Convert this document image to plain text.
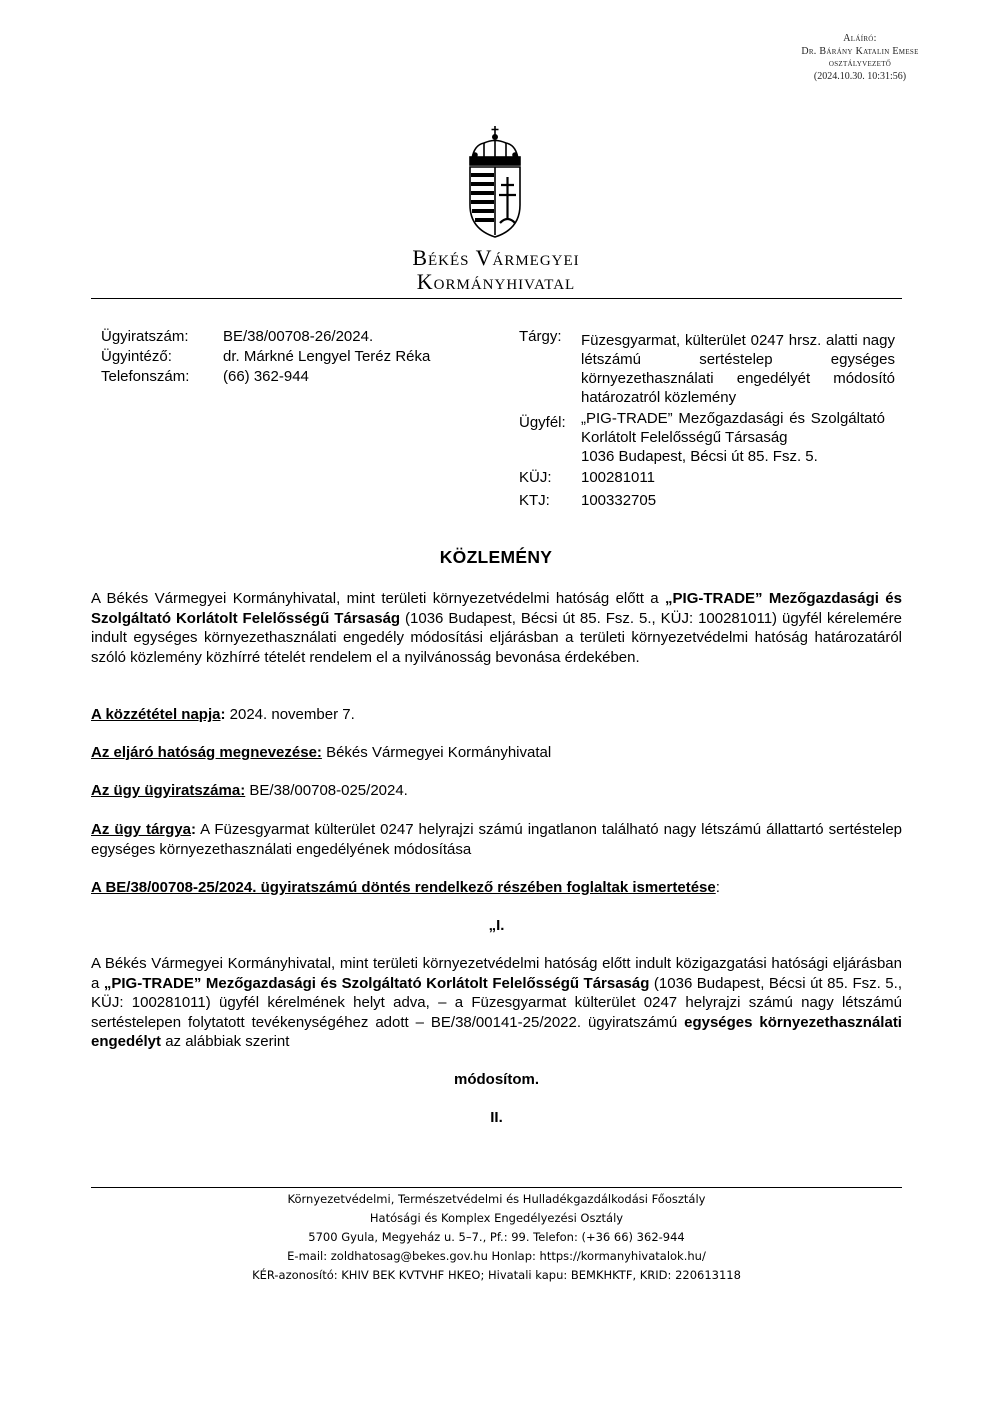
Aláíró:
Dr. Bárány Katalin Emese
osztályvezető
(2024.10.30. 10:31:56)
Békés Vármegyei
Kormányhivatal
Ügyiratszám:	BE/38/00708-26/2024.
Ügyintéző:	dr. Márkné Lengyel Teréz Réka
Telefonszám:	(66) 362-944
Tárgy:	Füzesgyarmat, külterület 0247 hrsz. alatti nagy létszámú sertéstelep egységes környezethasználati engedélyét módosító határozatról közlemény
Ügyfél:	„PIG-TRADE” Mezőgazdasági és Szolgáltató Korlátolt Felelősségű Társaság
1036 Budapest, Bécsi út 85. Fsz. 5.
KÜJ:	100281011
KTJ:	100332705
KÖZLEMÉNY
A Békés Vármegyei Kormányhivatal, mint területi környezetvédelmi hatóság előtt a „PIG-TRADE” Mezőgazdasági és Szolgáltató Korlátolt Felelősségű Társaság (1036 Budapest, Bécsi út 85. Fsz. 5., KÜJ: 100281011) ügyfél kérelemére indult egységes környezethasználati engedély módosítási eljárásban a területi környezetvédelmi hatóság határozatáról szóló közlemény közhírré tételét rendelem el a nyilvánosság bevonása érdekében.
A közzététel napja: 2024. november 7.
Az eljáró hatóság megnevezése: Békés Vármegyei Kormányhivatal
Az ügy ügyiratszáma: BE/38/00708-025/2024.
Az ügy tárgya: A Füzesgyarmat külterület 0247 helyrajzi számú ingatlanon található nagy létszámú állattartó sertéstelep egységes környezethasználati engedélyének módosítása
A BE/38/00708-25/2024. ügyiratszámú döntés rendelkező részében foglaltak ismertetése:
„I.
A Békés Vármegyei Kormányhivatal, mint területi környezetvédelmi hatóság előtt indult közigazgatási hatósági eljárásban a „PIG-TRADE” Mezőgazdasági és Szolgáltató Korlátolt Felelősségű Társaság (1036 Budapest, Bécsi út 85. Fsz. 5., KÜJ: 100281011) ügyfél kérelmének helyt adva, – a Füzesgyarmat külterület 0247 helyrajzi számú nagy létszámú sertéstelepen folytatott tevékenységéhez adott – BE/38/00141-25/2022. ügyiratszámú egységes környezethasználati engedélyt az alábbiak szerint
módosítom.
II.
Környezetvédelmi, Természetvédelmi és Hulladékgazdálkodási Főosztály
Hatósági és Komplex Engedélyezési Osztály
5700 Gyula, Megyeház u. 5–7., Pf.: 99. Telefon: (+36 66) 362-944
E-mail: zoldhatosag@bekes.gov.hu Honlap: https://kormanyhivatalok.hu/
KÉR-azonosító: KHIV BEK KVTVHF HKEO; Hivatali kapu: BEMKHKTF, KRID: 220613118
